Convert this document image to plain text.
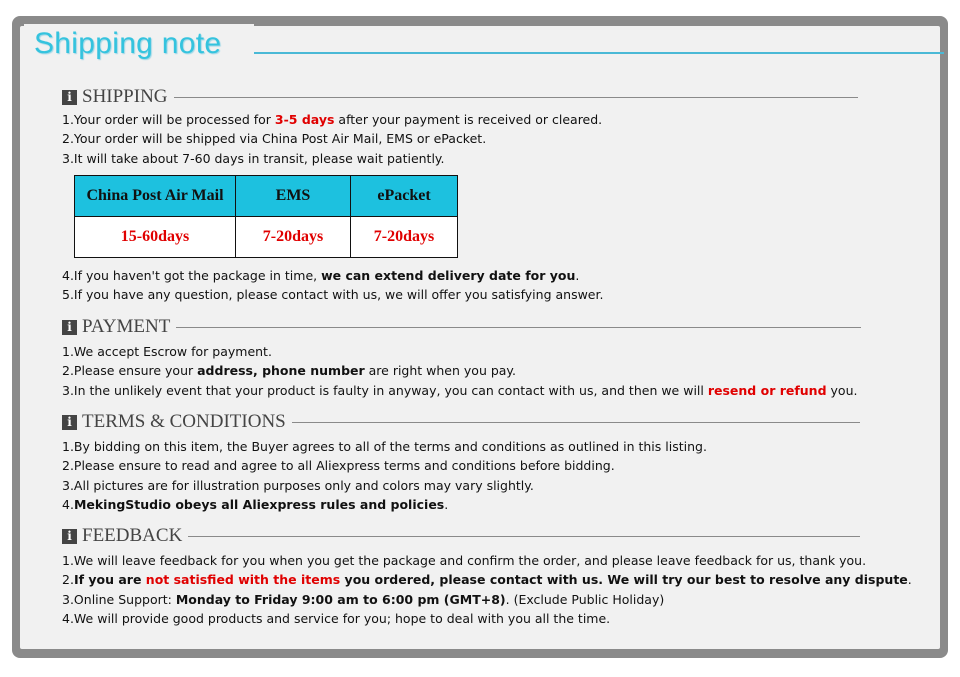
Shipping note
i SHIPPING
1.Your order will be processed for 3-5 days after your payment is received or cleared.
2.Your order will be shipped via China Post Air Mail, EMS or ePacket.
3.It will take about 7-60 days in transit, please wait patiently.
China Post Air Mail	EMS	ePacket
15-60days	7-20days	7-20days
4.If you haven't got the package in time, we can extend delivery date for you.
5.If you have any question, please contact with us, we will offer you satisfying answer.
i PAYMENT
1.We accept Escrow for payment.
2.Please ensure your address, phone number are right when you pay.
3.In the unlikely event that your product is faulty in anyway, you can contact with us, and then we will resend or refund you.
i TERMS & CONDITIONS
1.By bidding on this item, the Buyer agrees to all of the terms and conditions as outlined in this listing.
2.Please ensure to read and agree to all Aliexpress terms and conditions before bidding.
3.All pictures are for illustration purposes only and colors may vary slightly.
4.MekingStudio obeys all Aliexpress rules and policies.
i FEEDBACK
1.We will leave feedback for you when you get the package and confirm the order, and please leave feedback for us, thank you.
2.If you are not satisfied with the items you ordered, please contact with us. We will try our best to resolve any dispute.
3.Online Support: Monday to Friday 9:00 am to 6:00 pm (GMT+8). (Exclude Public Holiday)
4.We will provide good products and service for you; hope to deal with you all the time.
